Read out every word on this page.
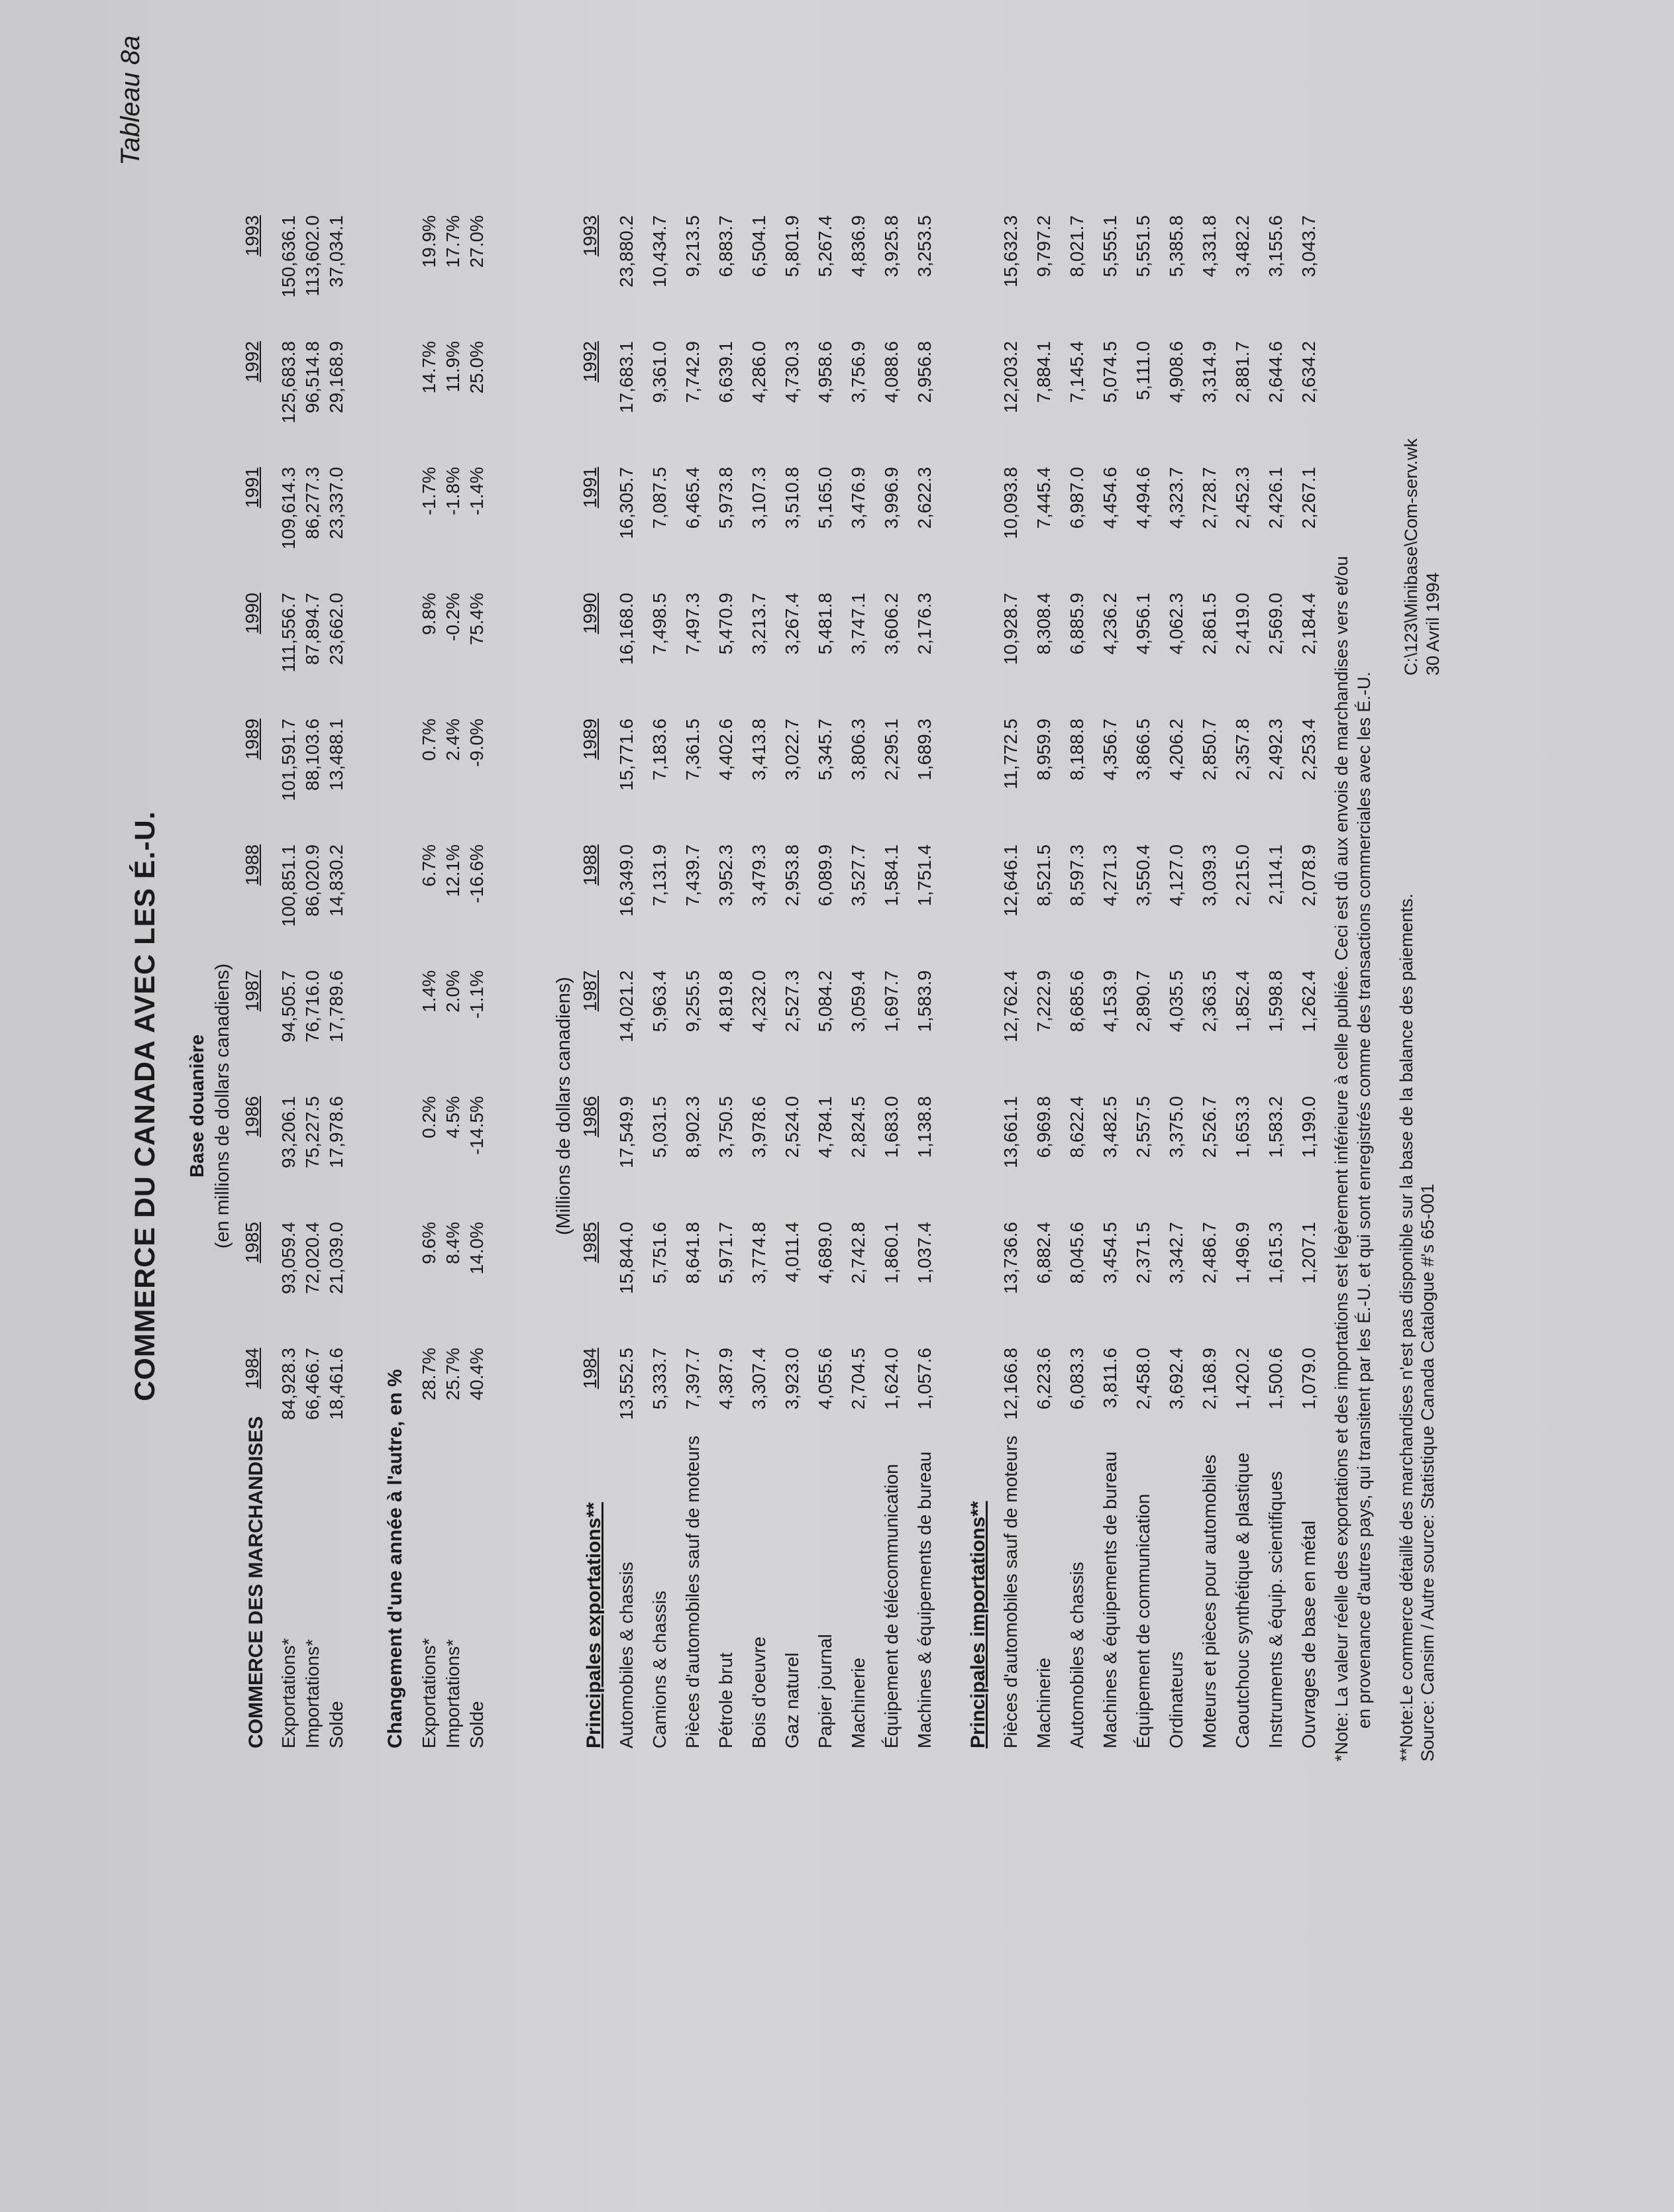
Tableau 8a
COMMERCE DU CANADA AVEC LES É.-U. Base douanière (en millions de dollars canadiens)
COMMERCE DES MARCHANDISES
1984
1985
1986
1987
1988
1989
1990
1991
1992
1993
Changement d'une année à l'autre, en %
(Millions de dollars canadiens)
Principales exportations**
1984
1985
1986
1987
1988
1989
1990
1991
1992
1993
Principales importations**	*Note: La valeur réelle des exportations et des importations est légèrement inférieure à celle publiée. Ceci est dû aux envois de marchandises vers et/ou en provenance d'autres pays, qui transitent par les É.-U. et qui sont enregistrés comme des transactions commerciales avec les É.-U. **Note:Le commerce détaillé des marchandises n'est pas disponible sur la base de la balance des paiements. Source: Cansim / Autre source: Statistique Canada Catalogue #'s 65-001
C:\123\Minibase\Com-serv.wk 30 Avril 1994
Exportations*
84,928.3
93,059.4
93,206.1
94,505.7
100,851.1
101,591.7
111,556.7
109,614.3
125,683.8
150,636.1
Importations*
66,466.7
72,020.4
75,227.5
76,716.0
86,020.9
88,103.6
87,894.7
86,277.3
96,514.8
113,602.0
Solde
18,461.6
21,039.0
17,978.6
17,789.6
14,830.2
13,488.1
23,662.0
23,337.0
29,168.9
37,034.1
Exportations*
28.7%
9.6%
0.2%
1.4%
6.7%
0.7%
9.8%
-1.7%
14.7%
19.9%
Importations*
25.7%
8.4%
4.5%
2.0%
12.1%
2.4%
-0.2%
-1.8%
11.9%
17.7%
Solde
40.4%
14.0%
-14.5%
-1.1%
-16.6%
-9.0%
75.4%
-1.4%
25.0%
27.0%
Automobiles & chassis
13,552.5
15,844.0
17,549.9
14,021.2
16,349.0
15,771.6
16,168.0
16,305.7
17,683.1
23,880.2
Camions & chassis
5,333.7
5,751.6
5,031.5
5,963.4
7,131.9
7,183.6
7,498.5
7,087.5
9,361.0
10,434.7
Pièces d'automobiles sauf de moteurs
7,397.7
8,641.8
8,902.3
9,255.5
7,439.7
7,361.5
7,497.3
6,465.4
7,742.9
9,213.5
Pétrole brut
4,387.9
5,971.7
3,750.5
4,819.8
3,952.3
4,402.6
5,470.9
5,973.8
6,639.1
6,883.7
Bois d'oeuvre
3,307.4
3,774.8
3,978.6
4,232.0
3,479.3
3,413.8
3,213.7
3,107.3
4,286.0
6,504.1
Gaz naturel
3,923.0
4,011.4
2,524.0
2,527.3
2,953.8
3,022.7
3,267.4
3,510.8
4,730.3
5,801.9
Papier journal
4,055.6
4,689.0
4,784.1
5,084.2
6,089.9
5,345.7
5,481.8
5,165.0
4,958.6
5,267.4
Machinerie
2,704.5
2,742.8
2,824.5
3,059.4
3,527.7
3,806.3
3,747.1
3,476.9
3,756.9
4,836.9
Équipement de télécommunication
1,624.0
1,860.1
1,683.0
1,697.7
1,584.1
2,295.1
3,606.2
3,996.9
4,088.6
3,925.8
Machines & équipements de bureau
1,057.6
1,037.4
1,138.8
1,583.9
1,751.4
1,689.3
2,176.3
2,622.3
2,956.8
3,253.5
Pièces d'automobiles sauf de moteurs
12,166.8
13,736.6
13,661.1
12,762.4
12,646.1
11,772.5
10,928.7
10,093.8
12,203.2
15,632.3
Machinerie
6,223.6
6,882.4
6,969.8
7,222.9
8,521.5
8,959.9
8,308.4
7,445.4
7,884.1
9,797.2
Automobiles & chassis
6,083.3
8,045.6
8,622.4
8,685.6
8,597.3
8,188.8
6,885.9
6,987.0
7,145.4
8,021.7
Machines & équipements de bureau
3,811.6
3,454.5
3,482.5
4,153.9
4,271.3
4,356.7
4,236.2
4,454.6
5,074.5
5,555.1
Équipement de communication
2,458.0
2,371.5
2,557.5
2,890.7
3,550.4
3,866.5
4,956.1
4,494.6
5,111.0
5,551.5
Ordinateurs
3,692.4
3,342.7
3,375.0
4,035.5
4,127.0
4,206.2
4,062.3
4,323.7
4,908.6
5,385.8
Moteurs et pièces pour automobiles
2,168.9
2,486.7
2,526.7
2,363.5
3,039.3
2,850.7
2,861.5
2,728.7
3,314.9
4,331.8
Caoutchouc synthétique & plastique
1,420.2
1,496.9
1,653.3
1,852.4
2,215.0
2,357.8
2,419.0
2,452.3
2,881.7
3,482.2
Instruments & équip. scientifiques
1,500.6
1,615.3
1,583.2
1,598.8
2,114.1
2,492.3
2,569.0
2,426.1
2,644.6
3,155.6
Ouvrages de base en métal
1,079.0
1,207.1
1,199.0
1,262.4
2,078.9
2,253.4
2,184.4
2,267.1
2,634.2
3,043.7
